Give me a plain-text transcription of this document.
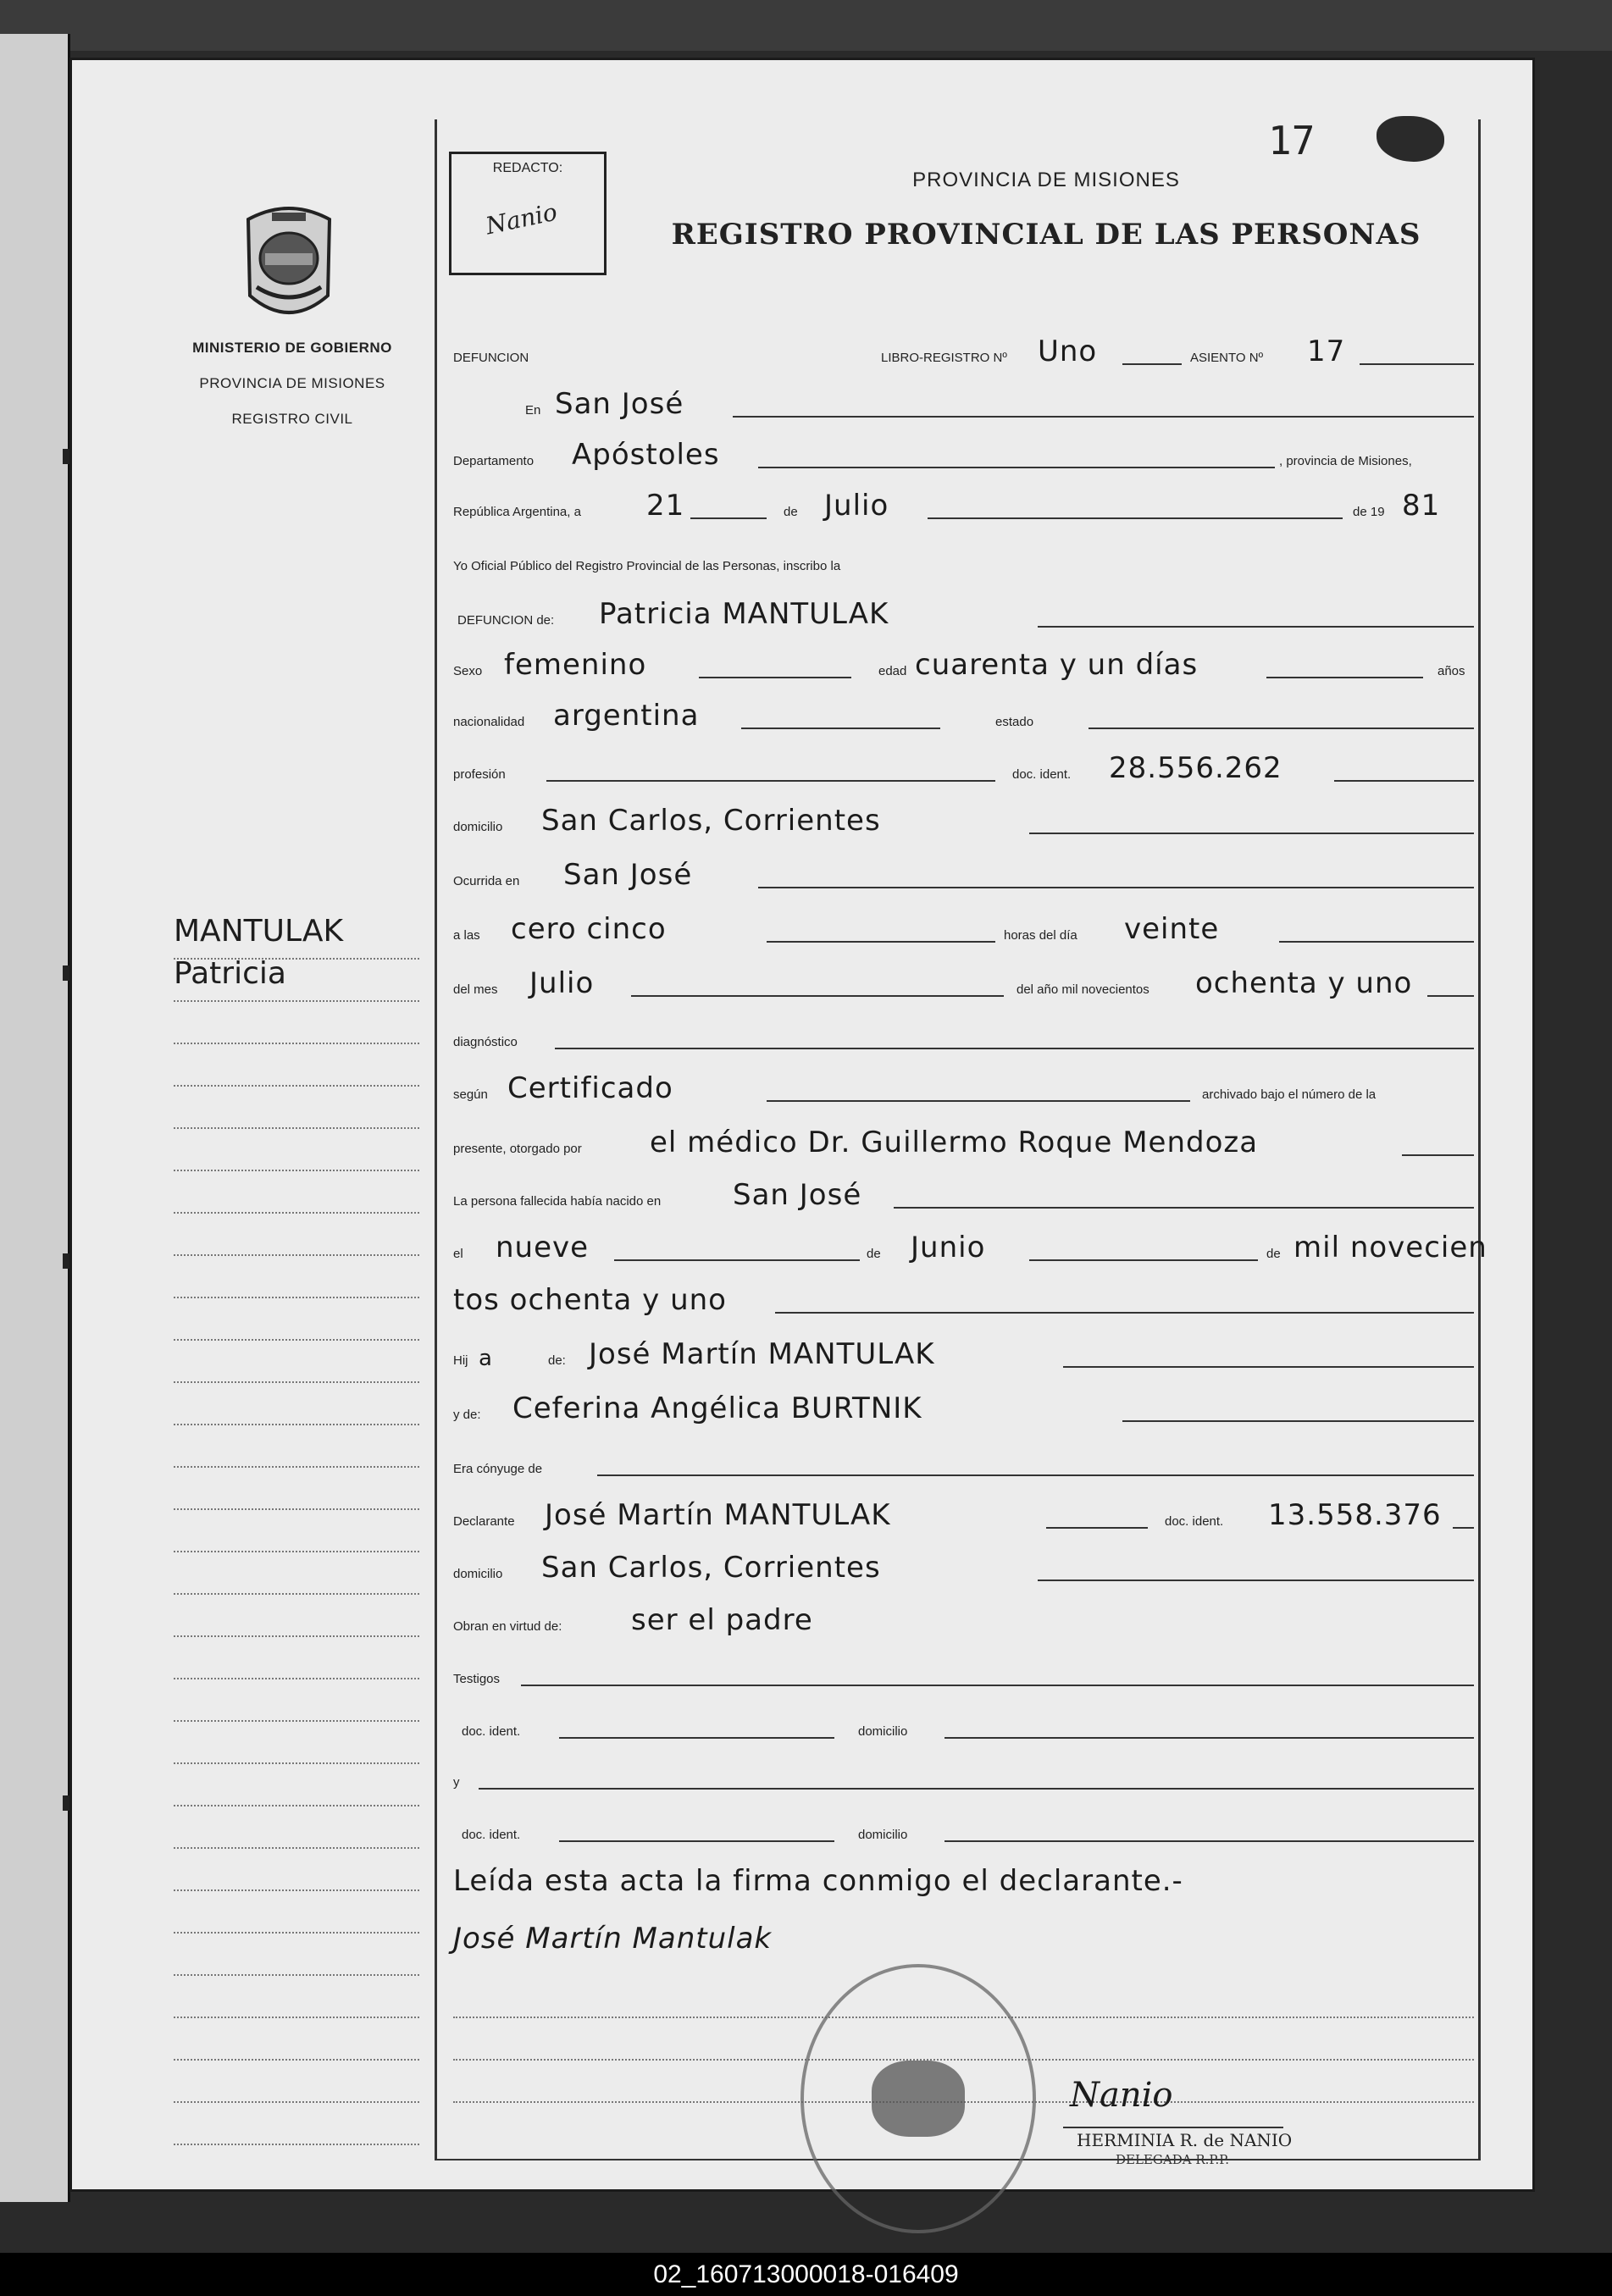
MINISTERIO DE GOBIERNO
PROVINCIA DE MISIONES
REGISTRO CIVIL
MANTULAK
Patricia
REDACTO:
Nanio
17
PROVINCIA DE MISIONES
REGISTRO PROVINCIAL DE LAS PERSONAS
DEFUNCION	LIBRO-REGISTRO Nº Uno	ASIENTO Nº 17
En San José
Departamento Apóstoles	, provincia de Misiones,
República Argentina, a 21	de Julio	de 19 81
Yo Oficial Público del Registro Provincial de las Personas, inscribo la
DEFUNCION de: Patricia MANTULAK
Sexo femenino	edad cuarenta y un días	años
nacionalidad argentina	estado
profesión	doc. ident. 28.556.262
domicilio San Carlos, Corrientes
Ocurrida en San José
a las cero cinco	horas del día veinte
del mes Julio	del año mil novecientos ochenta y uno
diagnóstico
según Certificado	archivado bajo el número de la
presente, otorgado por el médico Dr. Guillermo Roque Mendoza
La persona fallecida había nacido en San José
el nueve	de Junio	de mil novecien
tos ochenta y uno
Hij a	de: José Martín MANTULAK
y de: Ceferina Angélica BURTNIK
Era cónyuge de
Declarante José Martín MANTULAK	doc. ident. 13.558.376
domicilio San Carlos, Corrientes
Obran en virtud de: ser el padre
Testigos
doc. ident.	domicilio
y
doc. ident.	domicilio
Leída esta acta la firma conmigo el declarante.-
José Martín Mantulak
Nanio
HERMINIA R. de NANIO
DELEGADA R.P.P.
02_160713000018-016409
